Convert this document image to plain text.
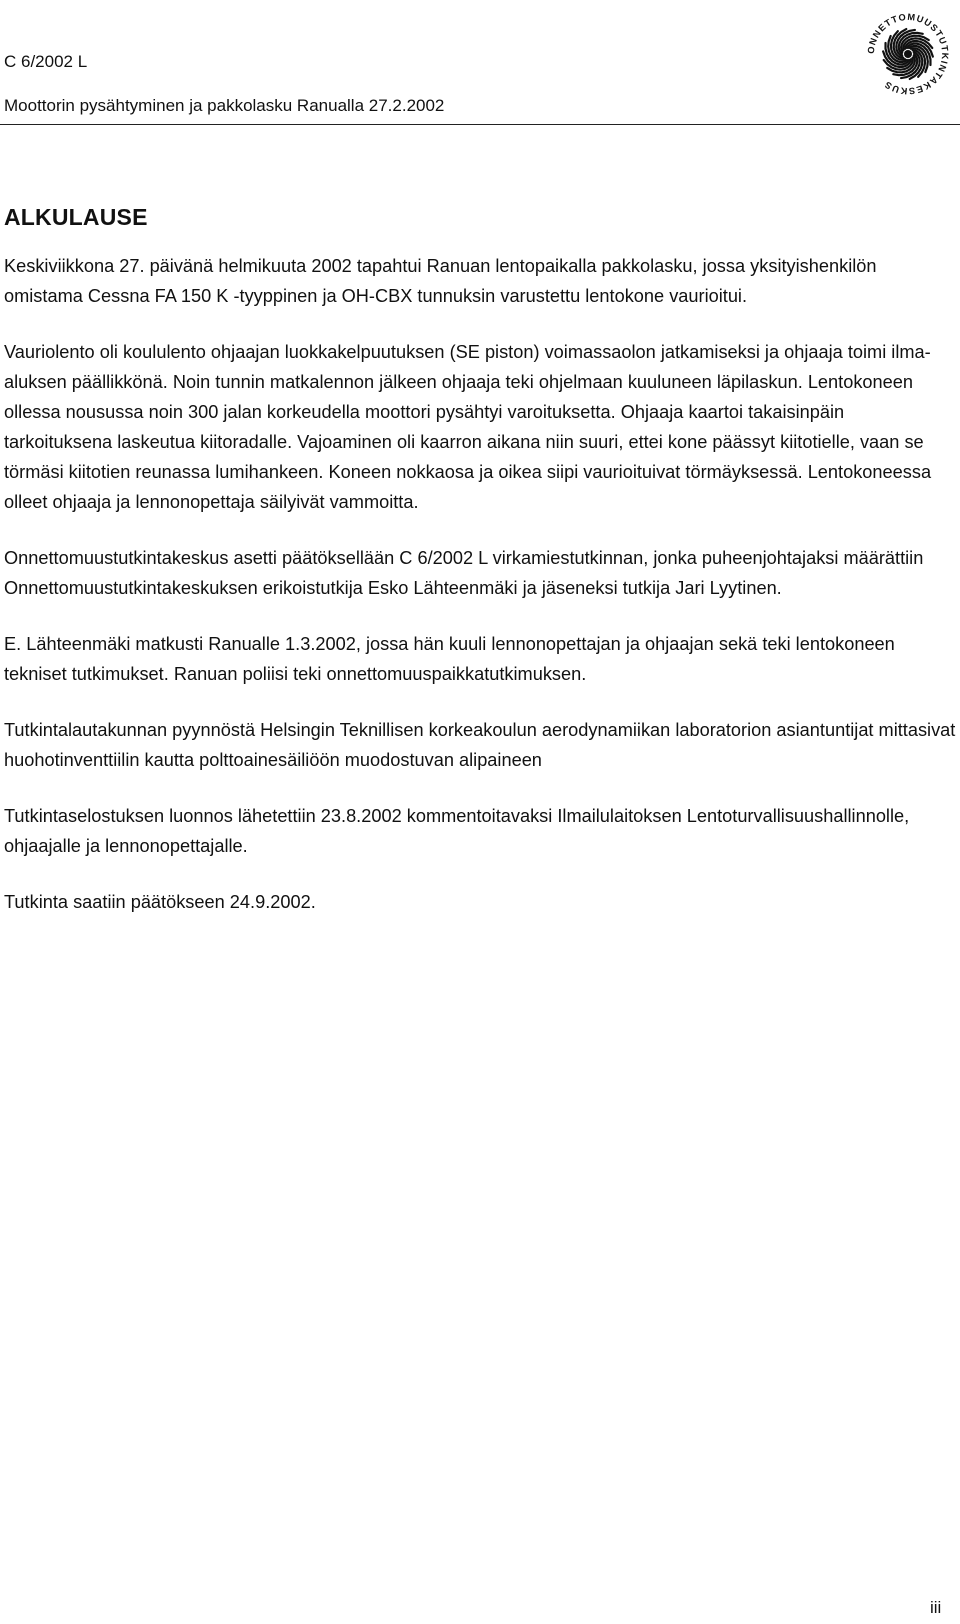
C 6/2002 L
Moottorin pysähtyminen ja pakkolasku Ranualla 27.2.2002
ONNETTOMUUSTUTKINTAKESKUS
ALKULAUSE

Keskiviikkona 27. päivänä helmikuuta 2002 tapahtui Ranuan lentopaikalla pakkolasku, jossa yksityishenkilön omistama Cessna FA 150 K -tyyppinen ja OH-CBX tunnuksin varustettu lentokone vaurioitui.

Vauriolento oli koululento ohjaajan luokkakelpuutuksen (SE piston) voimassaolon jatkamiseksi ja ohjaaja toimi ilma-aluksen päällikkönä. Noin tunnin matkalennon jälkeen ohjaaja teki ohjelmaan kuuluneen läpilaskun. Lentokoneen ollessa nousussa noin 300 jalan korkeudella moottori pysähtyi varoituksetta. Ohjaaja kaartoi takaisinpäin tarkoituksena laskeutua kiitoradalle. Vajoaminen oli kaarron aikana niin suuri, ettei kone päässyt kiitotielle, vaan se törmäsi kiitotien reunassa lumihankeen. Koneen nokkaosa ja oikea siipi vaurioituivat törmäyksessä. Lentokoneessa olleet ohjaaja ja lennonopettaja säilyivät vammoitta.

Onnettomuustutkintakeskus asetti päätöksellään C 6/2002 L virkamiestutkinnan, jonka puheenjohtajaksi määrättiin Onnettomuustutkintakeskuksen erikoistutkija Esko Lähteenmäki ja jäseneksi tutkija Jari Lyytinen.

E. Lähteenmäki matkusti Ranualle 1.3.2002, jossa hän kuuli lennonopettajan ja ohjaajan sekä teki lentokoneen tekniset tutkimukset. Ranuan poliisi teki onnettomuuspaikkatutkimuksen.

Tutkintalautakunnan pyynnöstä Helsingin Teknillisen korkeakoulun aerodynamiikan laboratorion asiantuntijat mittasivat huohotinventtiilin kautta polttoainesäiliöön muodostuvan alipaineen

Tutkintaselostuksen luonnos lähetettiin 23.8.2002 kommentoitavaksi Ilmailulaitoksen Lentoturvallisuushallinnolle, ohjaajalle ja lennonopettajalle.

Tutkinta saatiin päätökseen 24.9.2002.

iii
